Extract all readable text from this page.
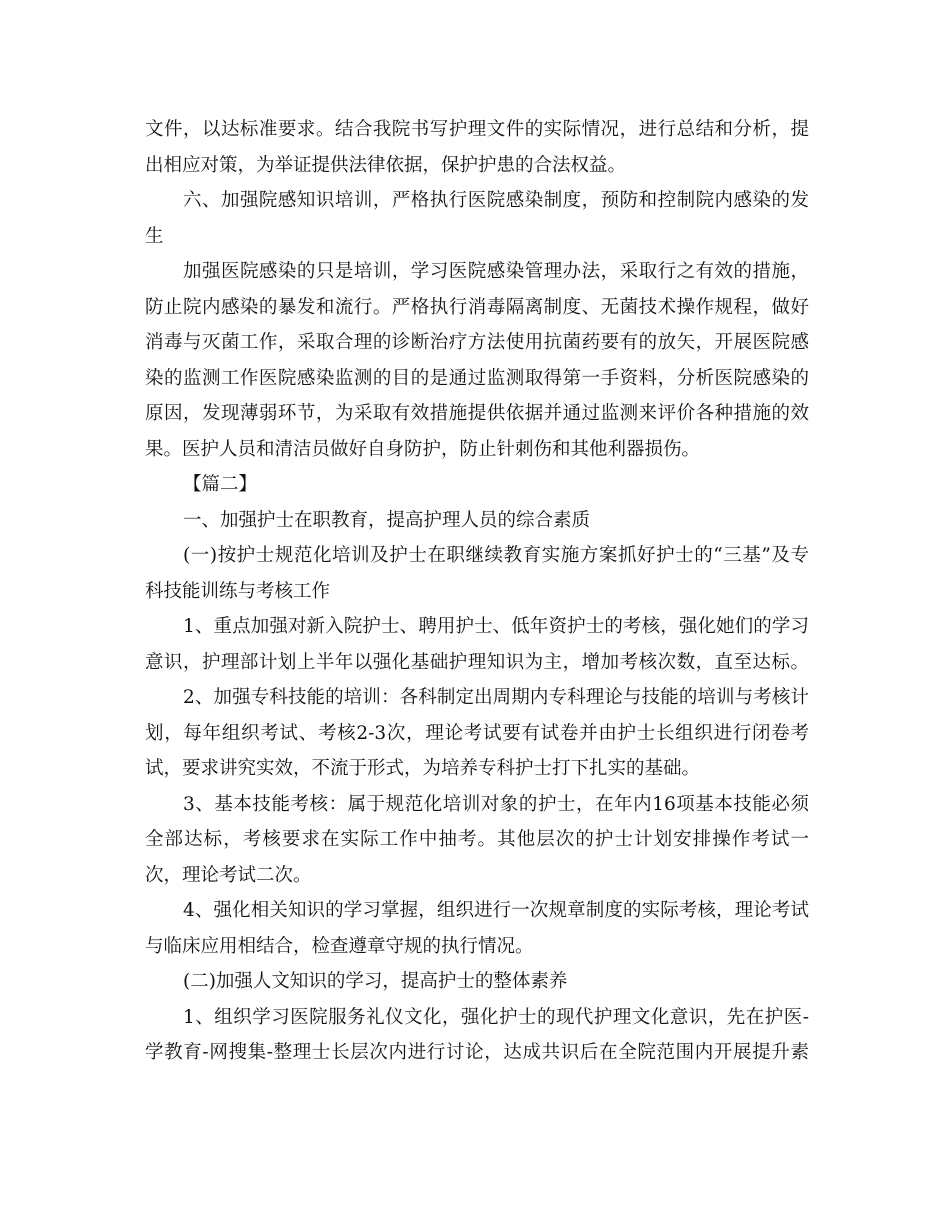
文件，以达标准要求。结合我院书写护理文件的实际情况，进行总结和分析，提
出相应对策，为举证提供法律依据，保护护患的合法权益。
六、加强院感知识培训，严格执行医院感染制度，预防和控制院内感染的发
生
加强医院感染的只是培训，学习医院感染管理办法，采取行之有效的措施，
防止院内感染的暴发和流行。严格执行消毒隔离制度、无菌技术操作规程，做好
消毒与灭菌工作，采取合理的诊断治疗方法使用抗菌药要有的放矢，开展医院感
染的监测工作医院感染监测的目的是通过监测取得第一手资料，分析医院感染的
原因，发现薄弱环节，为采取有效措施提供依据并通过监测来评价各种措施的效
果。医护人员和清洁员做好自身防护，防止针刺伤和其他利器损伤。
【篇二】
一、加强护士在职教育，提高护理人员的综合素质
(一)按护士规范化培训及护士在职继续教育实施方案抓好护士的“三基”及专
科技能训练与考核工作
1、重点加强对新入院护士、聘用护士、低年资护士的考核，强化她们的学习
意识，护理部计划上半年以强化基础护理知识为主，增加考核次数，直至达标。
2、加强专科技能的培训：各科制定出周期内专科理论与技能的培训与考核计
划，每年组织考试、考核2-3次，理论考试要有试卷并由护士长组织进行闭卷考
试，要求讲究实效，不流于形式，为培养专科护士打下扎实的基础。
3、基本技能考核：属于规范化培训对象的护士，在年内16项基本技能必须
全部达标，考核要求在实际工作中抽考。其他层次的护士计划安排操作考试一
次，理论考试二次。
4、强化相关知识的学习掌握，组织进行一次规章制度的实际考核，理论考试
与临床应用相结合，检查遵章守规的执行情况。
(二)加强人文知识的学习，提高护士的整体素养
1、组织学习医院服务礼仪文化，强化护士的现代护理文化意识，先在护医-
学教育-网搜集-整理士长层次内进行讨论，达成共识后在全院范围内开展提升素
